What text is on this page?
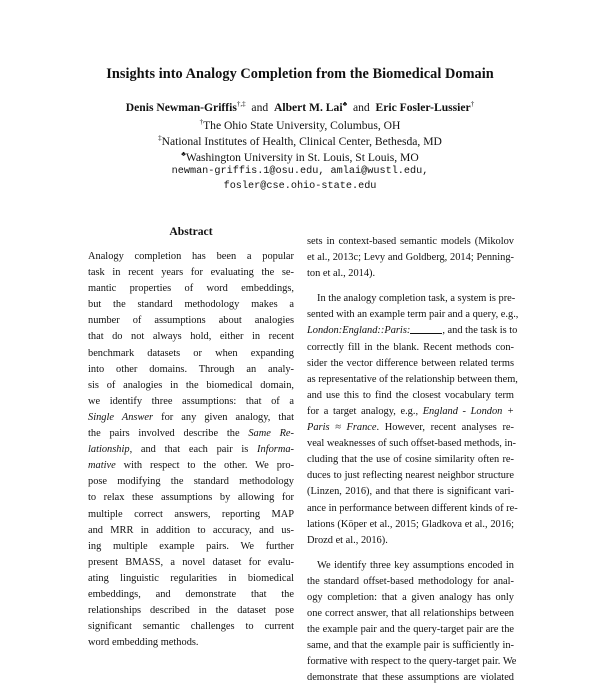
Insights into Analogy Completion from the Biomedical Domain
Denis Newman-Griffis†,‡ and Albert M. Lai♣ and Eric Fosler-Lussier†
†The Ohio State University, Columbus, OH
‡National Institutes of Health, Clinical Center, Bethesda, MD
♣Washington University in St. Louis, St Louis, MO
newman-griffis.1@osu.edu, amlai@wustl.edu,
fosler@cse.ohio-state.edu
Abstract
Analogy completion has been a popular
task in recent years for evaluating the se-
mantic properties of word embeddings,
but the standard methodology makes a
number of assumptions about analogies
that do not always hold, either in recent
benchmark datasets or when expanding
into other domains. Through an analy-
sis of analogies in the biomedical domain,
we identify three assumptions: that of a
Single Answer for any given analogy, that
the pairs involved describe the Same Re-
lationship, and that each pair is Informa-
mative with respect to the other. We pro-
pose modifying the standard methodology
to relax these assumptions by allowing for
multiple correct answers, reporting MAP
and MRR in addition to accuracy, and us-
ing multiple example pairs. We further
present BMASS, a novel dataset for evalu-
ating linguistic regularities in biomedical
embeddings, and demonstrate that the
relationships described in the dataset pose
significant semantic challenges to current
word embedding methods.
sets in context-based semantic models (Mikolov
et al., 2013c; Levy and Goldberg, 2014; Penning-
ton et al., 2014).
In the analogy completion task, a system is pre-
sented with an example term pair and a query, e.g.,
London:England::Paris:	, and the task is to
correctly fill in the blank. Recent methods con-
sider the vector difference between related terms
as representative of the relationship between them,
and use this to find the closest vocabulary term
for a target analogy, e.g., England - London +
Paris ≈ France. However, recent analyses re-
veal weaknesses of such offset-based methods, in-
cluding that the use of cosine similarity often re-
duces to just reflecting nearest neighbor structure
(Linzen, 2016), and that there is significant vari-
ance in performance between different kinds of re-
lations (Köper et al., 2015; Gladkova et al., 2016;
Drozd et al., 2016).
We identify three key assumptions encoded in
the standard offset-based methodology for anal-
ogy completion: that a given analogy has only
one correct answer, that all relationships between
the example pair and the query-target pair are the
same, and that the example pair is sufficiently in-
formative with respect to the query-target pair. We
demonstrate that these assumptions are violated
